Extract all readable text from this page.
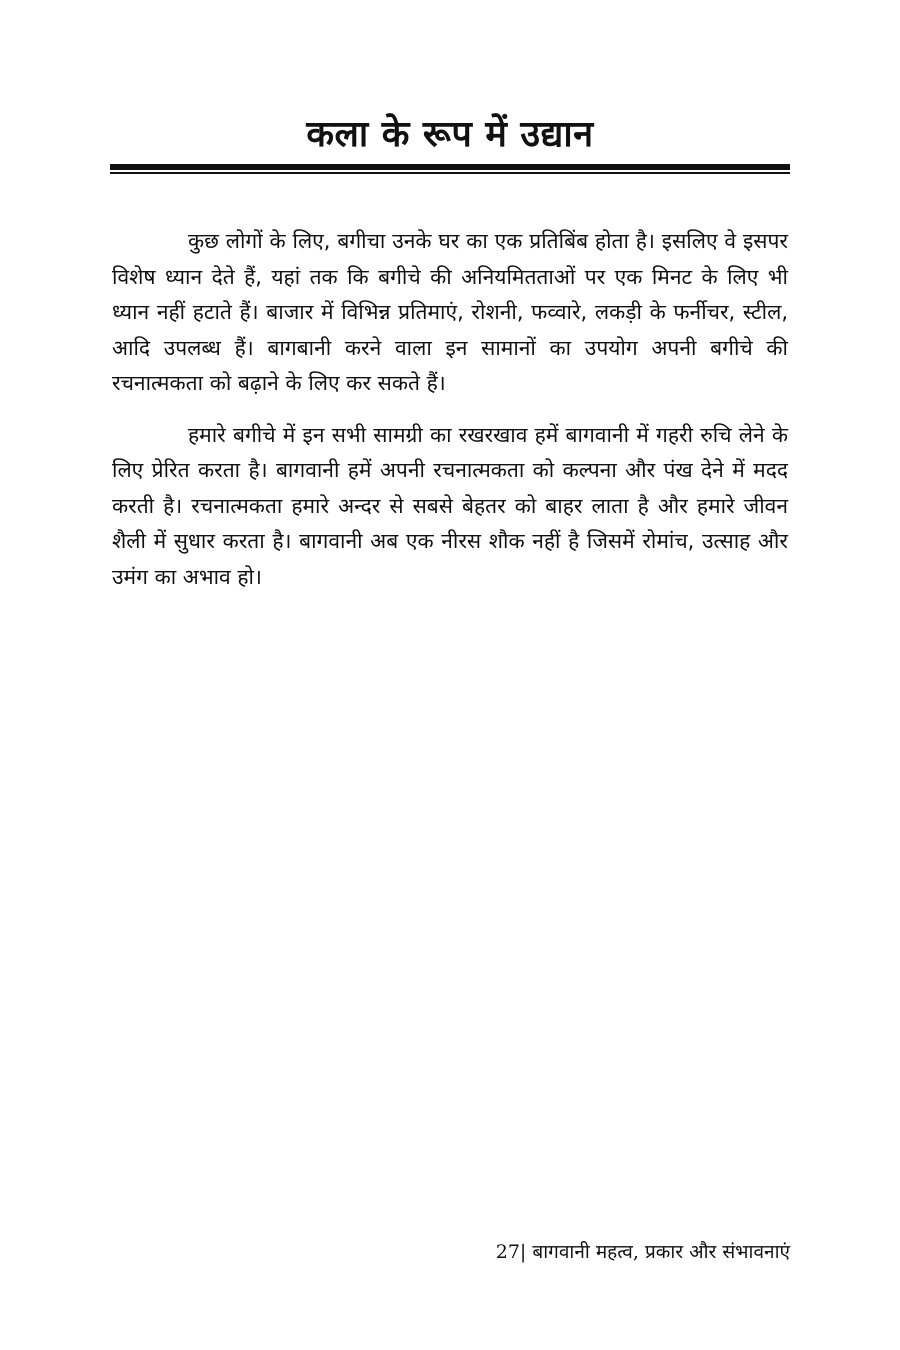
कला के रूप में उद्यान

कुछ लोगों के लिए, बगीचा उनके घर का एक प्रतिबिंब होता है। इसलिए वे इसपर विशेष ध्यान देते हैं, यहां तक कि बगीचे की अनियमितताओं पर एक मिनट के लिए भी ध्यान नहीं हटाते हैं। बाजार में विभिन्न प्रतिमाएं, रोशनी, फव्वारे, लकड़ी के फर्नीचर, स्टील, आदि उपलब्ध हैं। बागबानी करने वाला इन सामानों का उपयोग अपनी बगीचे की रचनात्मकता को बढ़ाने के लिए कर सकते हैं।

हमारे बगीचे में इन सभी सामग्री का रखरखाव हमें बागवानी में गहरी रुचि लेने के लिए प्रेरित करता है। बागवानी हमें अपनी रचनात्मकता को कल्पना और पंख देने में मदद करती है। रचनात्मकता हमारे अन्दर से सबसे बेहतर को बाहर लाता है और हमारे जीवन शैली में सुधार करता है। बागवानी अब एक नीरस शौक नहीं है जिसमें रोमांच, उत्साह और उमंग का अभाव हो।

27| बागवानी महत्व, प्रकार और संभावनाएं
